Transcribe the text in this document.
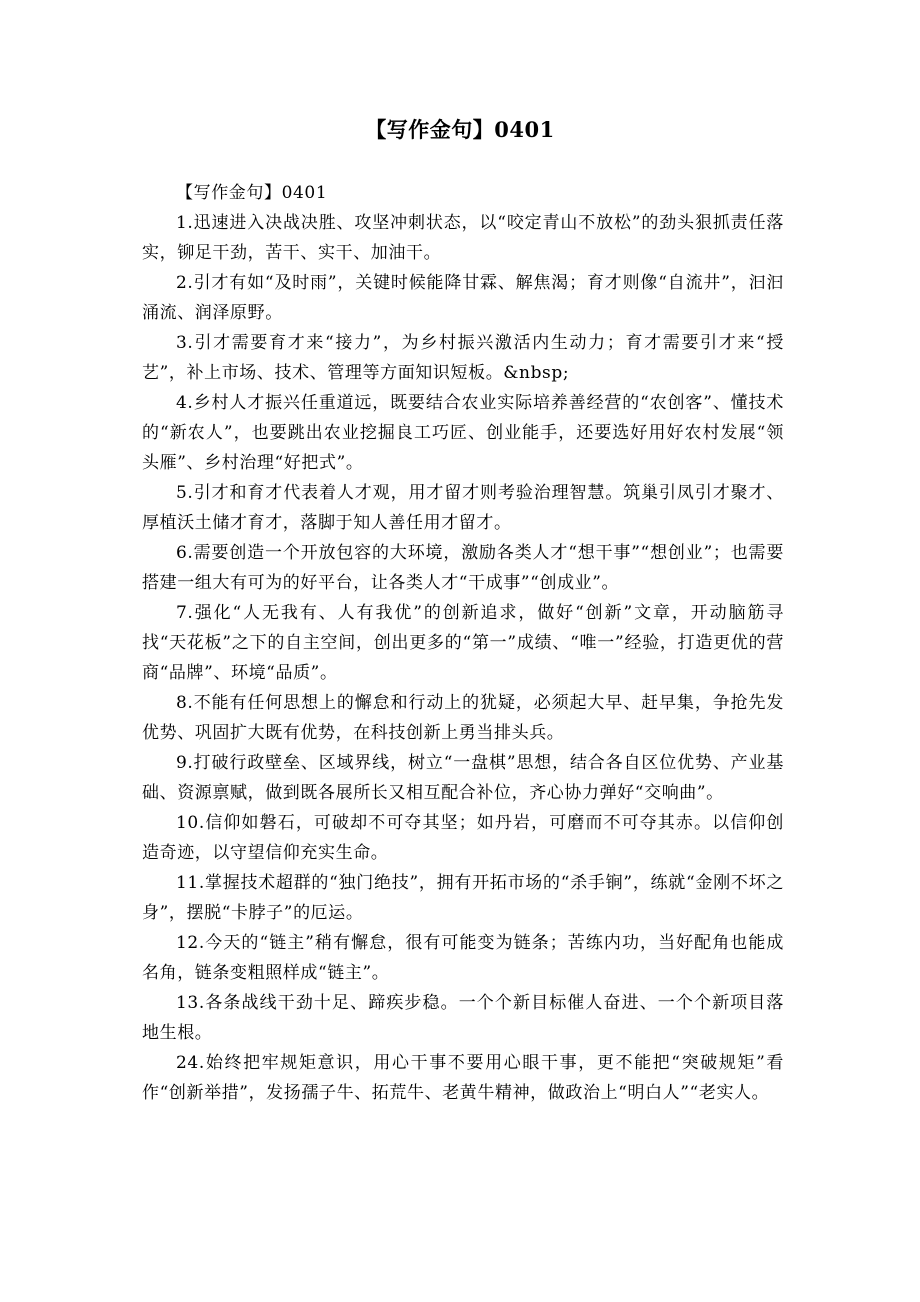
【写作金句】0401

【写作金句】0401

1.迅速进入决战决胜、攻坚冲刺状态，以“咬定青山不放松”的劲头狠抓责任落实，铆足干劲，苦干、实干、加油干。

2.引才有如“及时雨”，关键时候能降甘霖、解焦渴；育才则像“自流井”，汩汩涌流、润泽原野。

3.引才需要育才来“接力”，为乡村振兴激活内生动力；育才需要引才来“授艺”，补上市场、技术、管理等方面知识短板。&nbsp;

4.乡村人才振兴任重道远，既要结合农业实际培养善经营的“农创客”、懂技术的“新农人”，也要跳出农业挖掘良工巧匠、创业能手，还要选好用好农村发展“领头雁”、乡村治理“好把式”。

5.引才和育才代表着人才观，用才留才则考验治理智慧。筑巢引凤引才聚才、厚植沃土储才育才，落脚于知人善任用才留才。

6.需要创造一个开放包容的大环境，激励各类人才“想干事”“想创业”；也需要搭建一组大有可为的好平台，让各类人才“干成事”“创成业”。

7.强化“人无我有、人有我优”的创新追求，做好“创新”文章，开动脑筋寻找“天花板”之下的自主空间，创出更多的“第一”成绩、“唯一”经验，打造更优的营商“品牌”、环境“品质”。

8.不能有任何思想上的懈怠和行动上的犹疑，必须起大早、赶早集，争抢先发优势、巩固扩大既有优势，在科技创新上勇当排头兵。

9.打破行政壁垒、区域界线，树立“一盘棋”思想，结合各自区位优势、产业基础、资源禀赋，做到既各展所长又相互配合补位，齐心协力弹好“交响曲”。

10.信仰如磐石，可破却不可夺其坚；如丹岩，可磨而不可夺其赤。以信仰创造奇迹，以守望信仰充实生命。

11.掌握技术超群的“独门绝技”，拥有开拓市场的“杀手锏”，练就“金刚不坏之身”，摆脱“卡脖子”的厄运。

12.今天的“链主”稍有懈怠，很有可能变为链条；苦练内功，当好配角也能成名角，链条变粗照样成“链主”。

13.各条战线干劲十足、蹄疾步稳。一个个新目标催人奋进、一个个新项目落地生根。

24.始终把牢规矩意识，用心干事不要用心眼干事，更不能把“突破规矩”看作“创新举措”，发扬孺子牛、拓荒牛、老黄牛精神，做政治上“明白人”“老实人。
